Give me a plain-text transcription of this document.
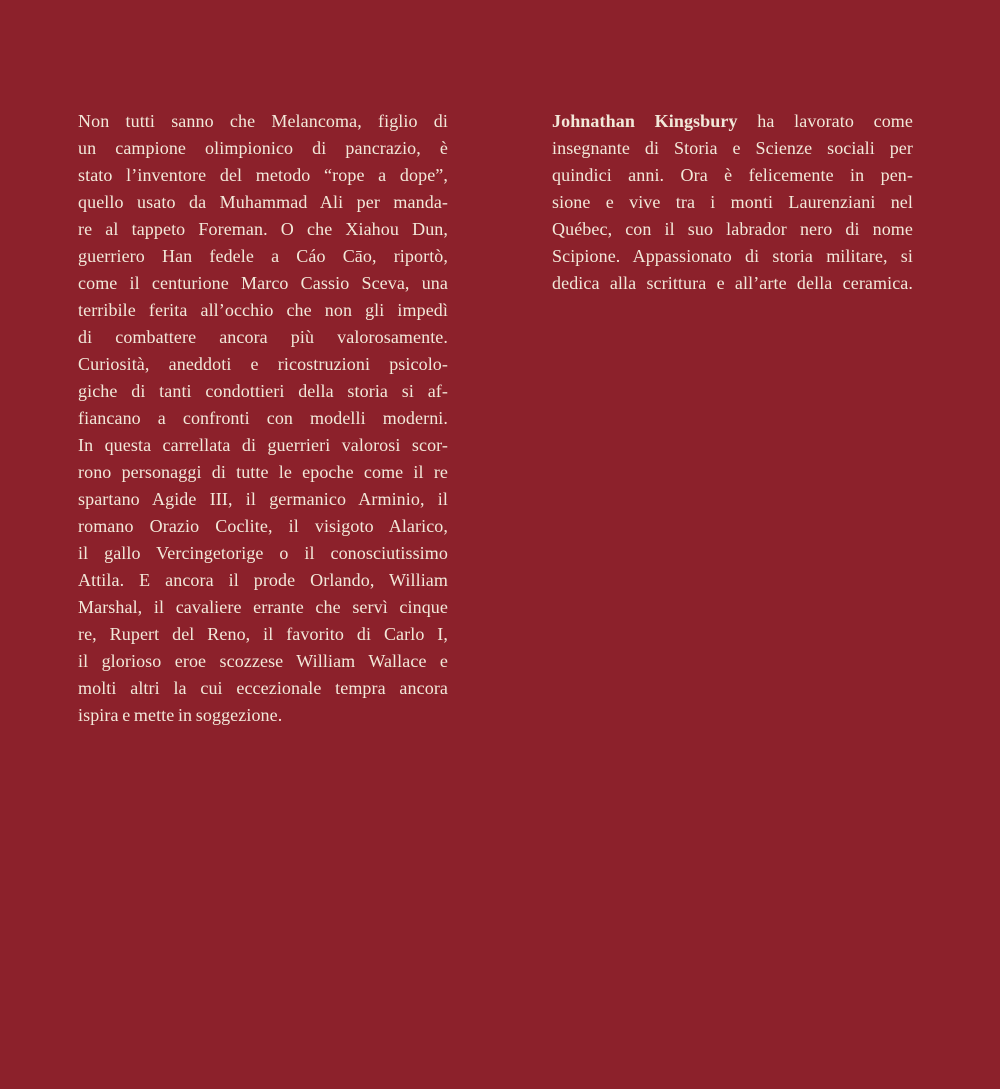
Non tutti sanno che Melancoma, figlio di
un campione olimpionico di pancrazio, è
stato l’inventore del metodo “rope a dope”,
quello usato da Muhammad Ali per manda-
re al tappeto Foreman. O che Xiahou Dun,
guerriero Han fedele a Cáo Cāo, riportò,
come il centurione Marco Cassio Sceva, una
terribile ferita all’occhio che non gli impedì
di combattere ancora più valorosamente.
Curiosità, aneddoti e ricostruzioni psicolo-
giche di tanti condottieri della storia si af-
fiancano a confronti con modelli moderni.
In questa carrellata di guerrieri valorosi scor-
rono personaggi di tutte le epoche come il re
spartano Agide III, il germanico Arminio, il
romano Orazio Coclite, il visigoto Alarico,
il gallo Vercingetorige o il conosciutissimo
Attila. E ancora il prode Orlando, William
Marshal, il cavaliere errante che servì cinque
re, Rupert del Reno, il favorito di Carlo I,
il glorioso eroe scozzese William Wallace e
molti altri la cui eccezionale tempra ancora
ispira e mette in soggezione.
Johnathan Kingsbury ha lavorato come
insegnante di Storia e Scienze sociali per
quindici anni. Ora è felicemente in pen-
sione e vive tra i monti Laurenziani nel
Québec, con il suo labrador nero di nome
Scipione. Appassionato di storia militare, si
dedica alla scrittura e all’arte della ceramica.
